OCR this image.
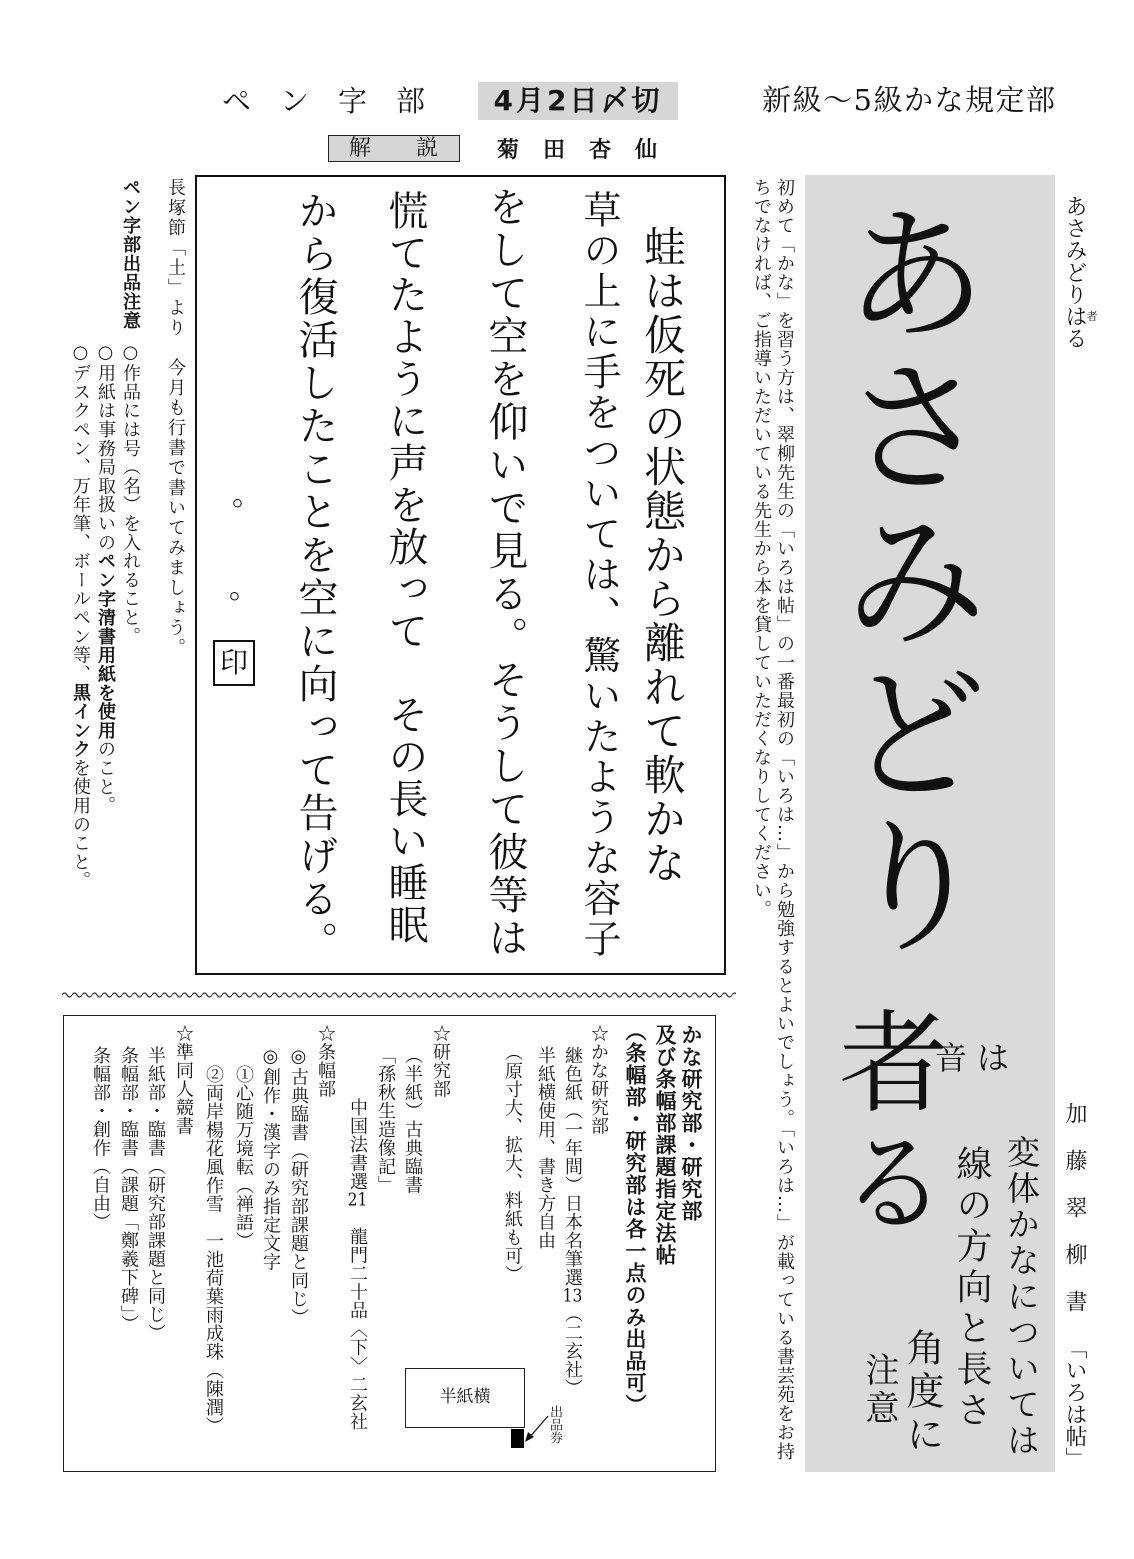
ペン字部	4月2日〆切	新級～5級かな規定部
解説 菊田杏仙
ペン字部出品注意
○作品には号（名）を入れること。
○用紙は事務局取扱いのペン字清書用紙を使用のこと。
○デスクペン、万年筆、ボールペン等、黒インクを使用のこと。
長塚節「土」より　今月も行書で書いてみましょう。	蛙は仮死の状態から離れて軟かな
草の上に手をついては、驚いたような容子
をして空を仰いで見る。そうして彼等は
慌てたように声を放って　その長い睡眠
から復活したことを空に向って告げる。
。
。
印
あさみどりは者る
あさみどり
者る
音は
変体かなについては
線の方向と長さ
角度に
注意
加藤翠柳書「いろは帖」
初めて「かな」を習う方は、翠柳先生の「いろは帖」の一番最初の「いろは…」から勉強するとよいでしょう。「いろは…」が載っている書芸苑をお持
ちでなければ、ご指導いただいている先生から本を貸していただくなりしてください。
かな研究部・研究部
及び条幅部課題指定法帖
（条幅部・研究部は各一点のみ出品可）
☆かな研究部
継色紙（一年間）日本名筆選13（二玄社）
半紙横使用、書き方自由
（原寸大、拡大、料紙も可）
☆研究部
（半紙）古典臨書
「孫秋生造像記」
中国法書選21　龍門二十品〈下〉二玄社
☆条幅部
◎古典臨書（研究部課題と同じ）
◎創作・漢字のみ指定文字
①心随万境転（禅語）
②両岸楊花風作雪　一池荷葉雨成珠（陳潤）
☆準同人競書
半紙部・臨書（研究部課題と同じ）
条幅部・臨書（課題「鄭羲下碑」）
条幅部・創作（自由）
半紙横
出品券
